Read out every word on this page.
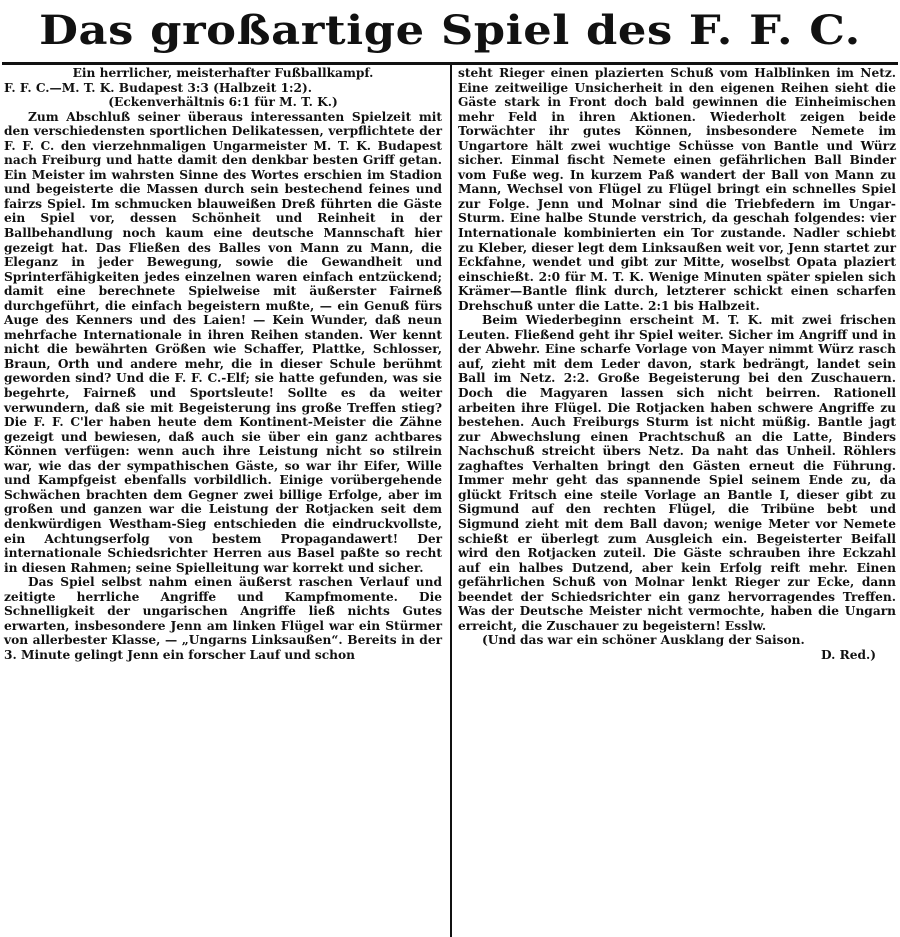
Das großartige Spiel des F. F. C.

Ein herrlicher, meisterhafter Fußballkampf.

F. F. C.—M. T. K. Budapest 3:3 (Halbzeit 1:2).

(Eckenverhältnis 6:1 für M. T. K.)

Zum Abschluß seiner überaus interessanten Spielzeit mit den verschiedensten sportlichen Delikatessen, verpflichtete der F. F. C. den vierzehnmaligen Ungarmeister M. T. K. Budapest nach Freiburg und hatte damit den denkbar besten Griff getan. Ein Meister im wahrsten Sinne des Wortes erschien im Stadion und begeisterte die Massen durch sein bestechend feines und fairzs Spiel. Im schmucken blauweißen Dreß führten die Gäste ein Spiel vor, dessen Schönheit und Reinheit in der Ballbehandlung noch kaum eine deutsche Mannschaft hier gezeigt hat. Das Fließen des Balles von Mann zu Mann, die Eleganz in jeder Bewegung, sowie die Gewandheit und Sprinterfähigkeiten jedes einzelnen waren einfach entzückend; damit eine berechnete Spielweise mit äußerster Fairneß durchgeführt, die einfach begeistern mußte, — ein Genuß fürs Auge des Kenners und des Laien! — Kein Wunder, daß neun mehrfache Internationale in ihren Reihen standen. Wer kennt nicht die bewährten Größen wie Schaffer, Plattke, Schlosser, Braun, Orth und andere mehr, die in dieser Schule berühmt geworden sind? Und die F. F. C.-Elf; sie hatte gefunden, was sie begehrte, Fairneß und Sportsleute! Sollte es da weiter verwundern, daß sie mit Begeisterung ins große Treffen stieg? Die F. F. C'ler haben heute dem Kontinent-Meister die Zähne gezeigt und bewiesen, daß auch sie über ein ganz achtbares Können verfügen: wenn auch ihre Leistung nicht so stilrein war, wie das der sympathischen Gäste, so war ihr Eifer, Wille und Kampfgeist ebenfalls vorbildlich. Einige vorübergehende Schwächen brachten dem Gegner zwei billige Erfolge, aber im großen und ganzen war die Leistung der Rotjacken seit dem denkwürdigen Westham-Sieg entschieden die eindruckvollste, ein Achtungserfolg von bestem Propagandawert! Der internationale Schiedsrichter Herren aus Basel paßte so recht in diesen Rahmen; seine Spielleitung war korrekt und sicher.

Das Spiel selbst nahm einen äußerst raschen Verlauf und zeitigte herrliche Angriffe und Kampfmomente. Die Schnelligkeit der ungarischen Angriffe ließ nichts Gutes erwarten, insbesondere Jenn am linken Flügel war ein Stürmer von allerbester Klasse, — „Ungarns Linksaußen“. Bereits in der 3. Minute gelingt Jenn ein forscher Lauf und schon

steht Rieger einen plazierten Schuß vom Halblinken im Netz. Eine zeitweilige Unsicherheit in den eigenen Reihen sieht die Gäste stark in Front doch bald gewinnen die Einheimischen mehr Feld in ihren Aktionen. Wiederholt zeigen beide Torwächter ihr gutes Können, insbesondere Nemete im Ungartore hält zwei wuchtige Schüsse von Bantle und Würz sicher. Einmal fischt Nemete einen gefährlichen Ball Binder vom Fuße weg. In kurzem Paß wandert der Ball von Mann zu Mann, Wechsel von Flügel zu Flügel bringt ein schnelles Spiel zur Folge. Jenn und Molnar sind die Triebfedern im Ungar-Sturm. Eine halbe Stunde verstrich, da geschah folgendes: vier Internationale kombinierten ein Tor zustande. Nadler schiebt zu Kleber, dieser legt dem Linksaußen weit vor, Jenn startet zur Eckfahne, wendet und gibt zur Mitte, woselbst Opata plaziert einschießt. 2:0 für M. T. K. Wenige Minuten später spielen sich Krämer—Bantle flink durch, letzterer schickt einen scharfen Drehschuß unter die Latte. 2:1 bis Halbzeit.

Beim Wiederbeginn erscheint M. T. K. mit zwei frischen Leuten. Fließend geht ihr Spiel weiter. Sicher im Angriff und in der Abwehr. Eine scharfe Vorlage von Mayer nimmt Würz rasch auf, zieht mit dem Leder davon, stark bedrängt, landet sein Ball im Netz. 2:2. Große Begeisterung bei den Zuschauern. Doch die Magyaren lassen sich nicht beirren. Rationell arbeiten ihre Flügel. Die Rotjacken haben schwere Angriffe zu bestehen. Auch Freiburgs Sturm ist nicht müßig. Bantle jagt zur Abwechslung einen Prachtschuß an die Latte, Binders Nachschuß streicht übers Netz. Da naht das Unheil. Röhlers zaghaftes Verhalten bringt den Gästen erneut die Führung. Immer mehr geht das spannende Spiel seinem Ende zu, da glückt Fritsch eine steile Vorlage an Bantle I, dieser gibt zu Sigmund auf den rechten Flügel, die Tribüne bebt und Sigmund zieht mit dem Ball davon; wenige Meter vor Nemete schießt er überlegt zum Ausgleich ein. Begeisterter Beifall wird den Rotjacken zuteil. Die Gäste schrauben ihre Eckzahl auf ein halbes Dutzend, aber kein Erfolg reift mehr. Einen gefährlichen Schuß von Molnar lenkt Rieger zur Ecke, dann beendet der Schiedsrichter ein ganz hervorragendes Treffen. Was der Deutsche Meister nicht vermochte, haben die Ungarn erreicht, die Zuschauer zu begeistern! Esslw.

(Und das war ein schöner Ausklang der Saison.

D. Red.)
